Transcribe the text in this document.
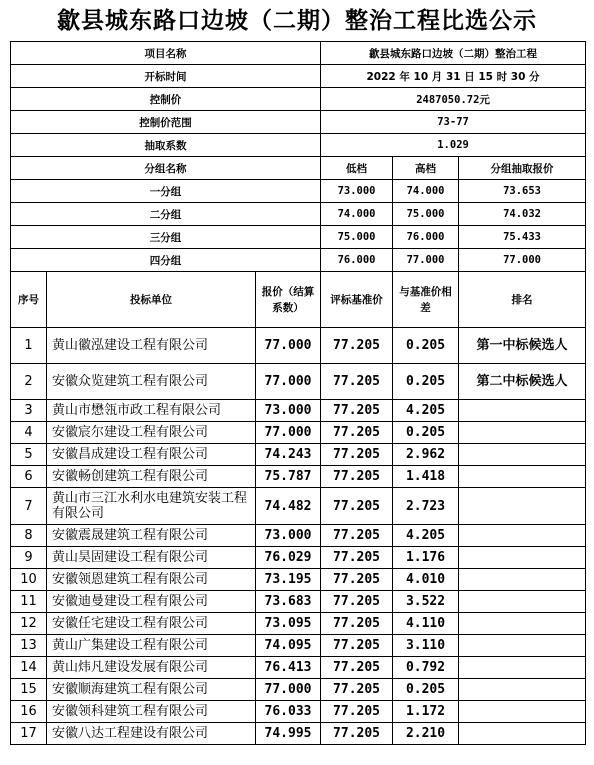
歙县城东路口边坡（二期）整治工程比选公示
项目名称			歙县城东路口边坡（二期）整治工程		
开标时间			2022 年 10 月 31 日 15 时 30 分		
控制价			2487050.72元		
控制价范围			73-77		
抽取系数			1.029		
分组名称			低档	高档	分组抽取报价
一分组			73.000	74.000	73.653
二分组			74.000	75.000	74.032
三分组			75.000	76.000	75.433
四分组			76.000	77.000	77.000
序号	投标单位	报价（结算系数）	评标基准价	与基准价相差	排名
1	黄山徽泓建设工程有限公司	77.000	77.205	0.205	第一中标候选人
2	安徽众览建筑工程有限公司	77.000	77.205	0.205	第二中标候选人
3	黄山市懋瓴市政工程有限公司	73.000	77.205	4.205	
4	安徽宸尔建设工程有限公司	77.000	77.205	0.205	
5	安徽昌成建设工程有限公司	74.243	77.205	2.962	
6	安徽畅创建筑工程有限公司	75.787	77.205	1.418	
7	黄山市三江水利水电建筑安装工程有限公司	74.482	77.205	2.723	
8	安徽震晟建筑工程有限公司	73.000	77.205	4.205	
9	黄山昊固建设工程有限公司	76.029	77.205	1.176	
10	安徽领恩建筑工程有限公司	73.195	77.205	4.010	
11	安徽迪曼建设工程有限公司	73.683	77.205	3.522	
12	安徽任宅建设工程有限公司	73.095	77.205	4.110	
13	黄山广集建设工程有限公司	74.095	77.205	3.110	
14	黄山炜凡建设发展有限公司	76.413	77.205	0.792	
15	安徽顺海建筑工程有限公司	77.000	77.205	0.205	
16	安徽领科建筑工程有限公司	76.033	77.205	1.172	
17	安徽八达工程建设有限公司	74.995	77.205	2.210	
